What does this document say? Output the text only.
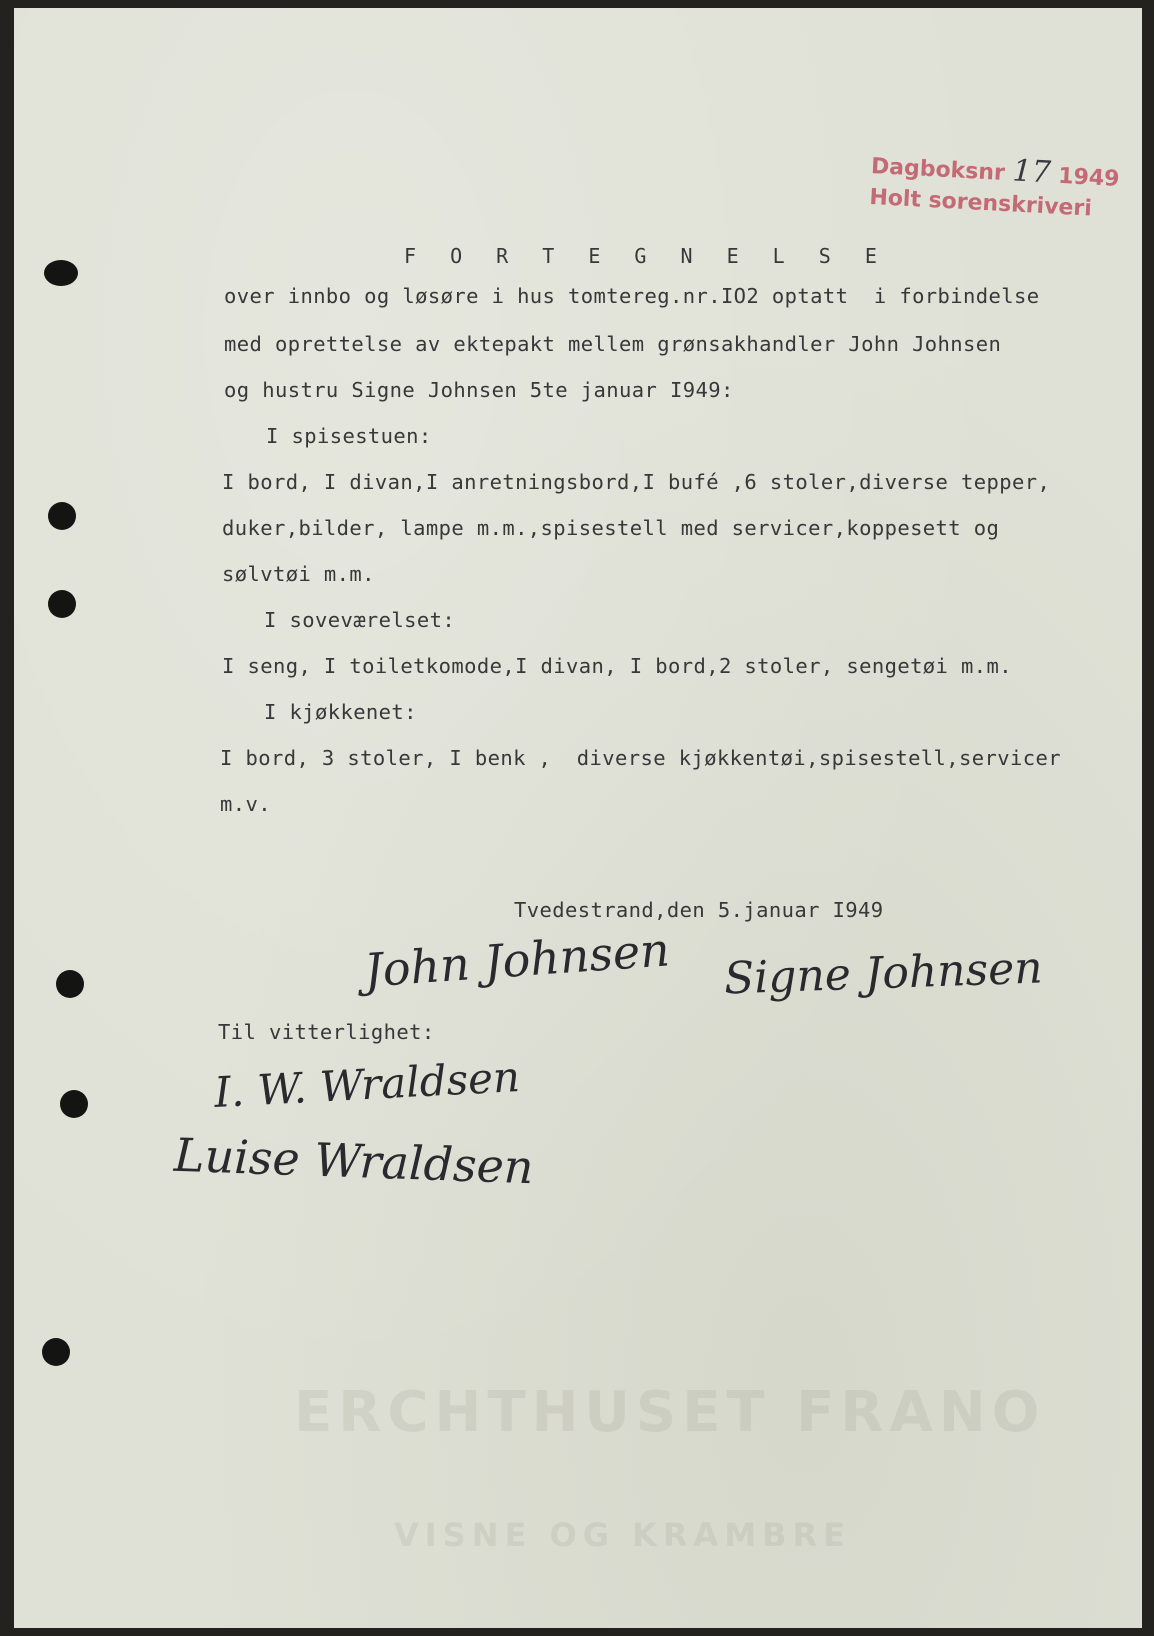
Dagboksnr 17 1949
Holt sorenskriveri
F O R T E G N E L S E
over innbo og løsøre i hus tomtereg.nr.IO2 optatt  i forbindelse
med oprettelse av ektepakt mellem grønsakhandler John Johnsen
og hustru Signe Johnsen 5te januar I949:
I spisestuen:
I bord, I divan,I anretningsbord,I bufé ,6 stoler,diverse tepper,
duker,bilder, lampe m.m.,spisestell med servicer,koppesett og
sølvtøi m.m.
I soveværelset:
I seng, I toiletkomode,I divan, I bord,2 stoler, sengetøi m.m.
I kjøkkenet:
I bord, 3 stoler, I benk ,  diverse kjøkkentøi,spisestell,servicer
m.v.
Tvedestrand,den 5.januar I949
John Johnsen Signe Johnsen
Til vitterlighet:
I. W. Wraldsen
Luise Wraldsen
ERCHTHUSET FRANO
VISNE OG KRAMBRE
